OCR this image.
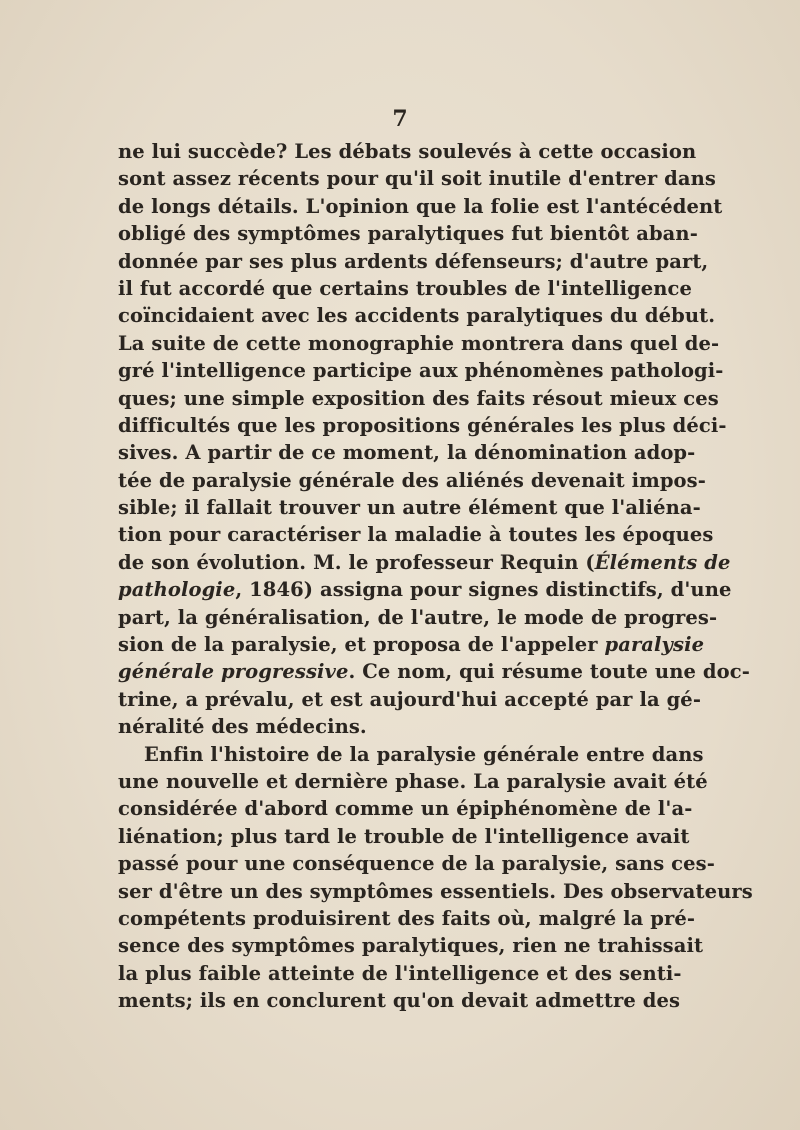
7
ne lui succède? Les débats soulevés à cette occasion
sont assez récents pour qu'il soit inutile d'entrer dans
de longs détails. L'opinion que la folie est l'antécédent
obligé des symptômes paralytiques fut bientôt aban-
donnée par ses plus ardents défenseurs; d'autre part,
il fut accordé que certains troubles de l'intelligence
coïncidaient avec les accidents paralytiques du début.
La suite de cette monographie montrera dans quel de-
gré l'intelligence participe aux phénomènes pathologi-
ques; une simple exposition des faits résout mieux ces
difficultés que les propositions générales les plus déci-
sives. A partir de ce moment, la dénomination adop-
tée de paralysie générale des aliénés devenait impos-
sible; il fallait trouver un autre élément que l'aliéna-
tion pour caractériser la maladie à toutes les époques
de son évolution. M. le professeur Requin (Éléments de
pathologie, 1846) assigna pour signes distinctifs, d'une
part, la généralisation, de l'autre, le mode de progres-
sion de la paralysie, et proposa de l'appeler paralysie
générale progressive. Ce nom, qui résume toute une doc-
trine, a prévalu, et est aujourd'hui accepté par la gé-
néralité des médecins.
Enfin l'histoire de la paralysie générale entre dans
une nouvelle et dernière phase. La paralysie avait été
considérée d'abord comme un épiphénomène de l'a-
liénation; plus tard le trouble de l'intelligence avait
passé pour une conséquence de la paralysie, sans ces-
ser d'être un des symptômes essentiels. Des observateurs
compétents produisirent des faits où, malgré la pré-
sence des symptômes paralytiques, rien ne trahissait
la plus faible atteinte de l'intelligence et des senti-
ments; ils en conclurent qu'on devait admettre des
